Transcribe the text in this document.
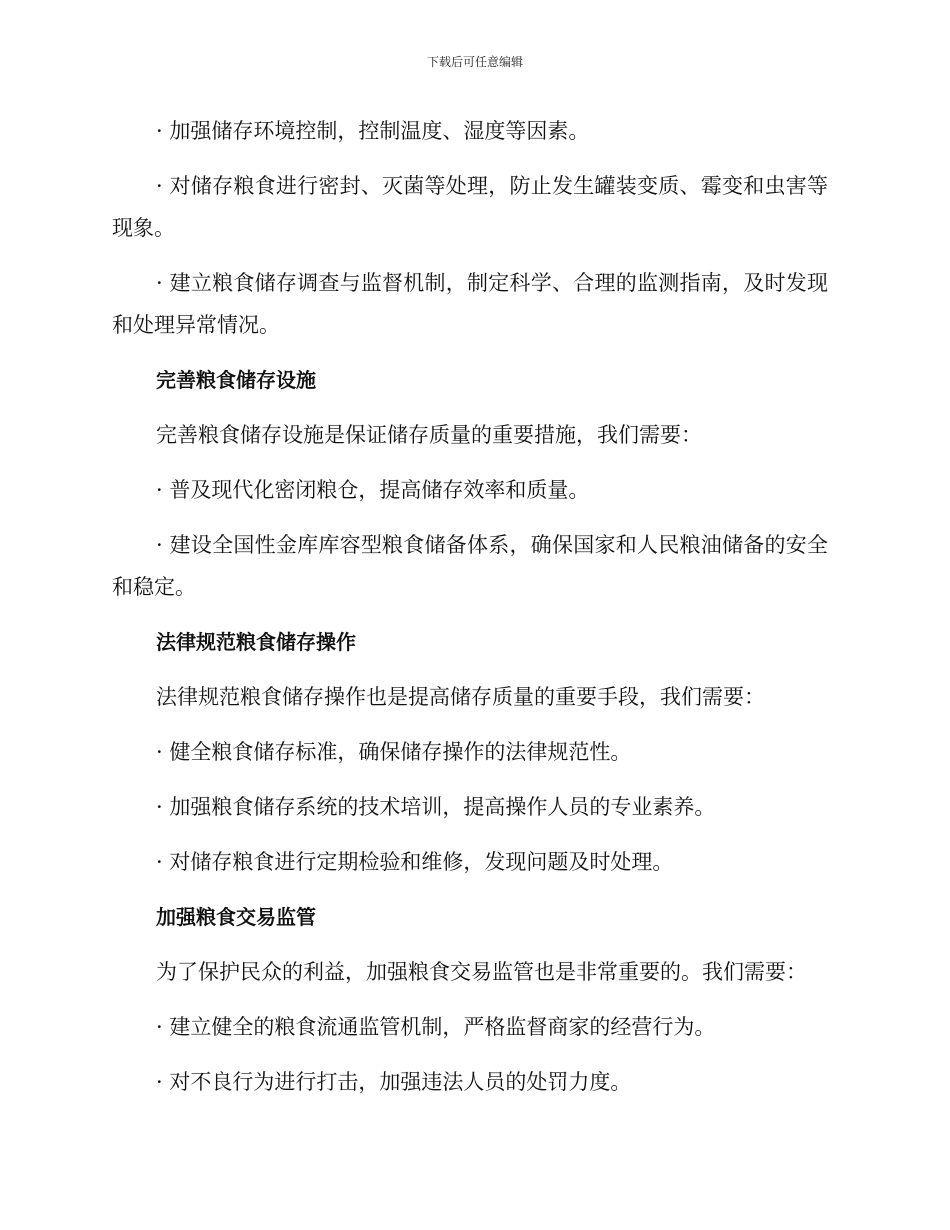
下载后可任意编辑

· 加强储存环境控制，控制温度、湿度等因素。

· 对储存粮食进行密封、灭菌等处理，防止发生罐装变质、霉变和虫害等现象。

· 建立粮食储存调查与监督机制，制定科学、合理的监测指南，及时发现和处理异常情况。

完善粮食储存设施

完善粮食储存设施是保证储存质量的重要措施，我们需要：

· 普及现代化密闭粮仓，提高储存效率和质量。

· 建设全国性金库库容型粮食储备体系，确保国家和人民粮油储备的安全和稳定。

法律规范粮食储存操作

法律规范粮食储存操作也是提高储存质量的重要手段，我们需要：

· 健全粮食储存标准，确保储存操作的法律规范性。

· 加强粮食储存系统的技术培训，提高操作人员的专业素养。

· 对储存粮食进行定期检验和维修，发现问题及时处理。

加强粮食交易监管

为了保护民众的利益，加强粮食交易监管也是非常重要的。我们需要：

· 建立健全的粮食流通监管机制，严格监督商家的经营行为。

· 对不良行为进行打击，加强违法人员的处罚力度。
